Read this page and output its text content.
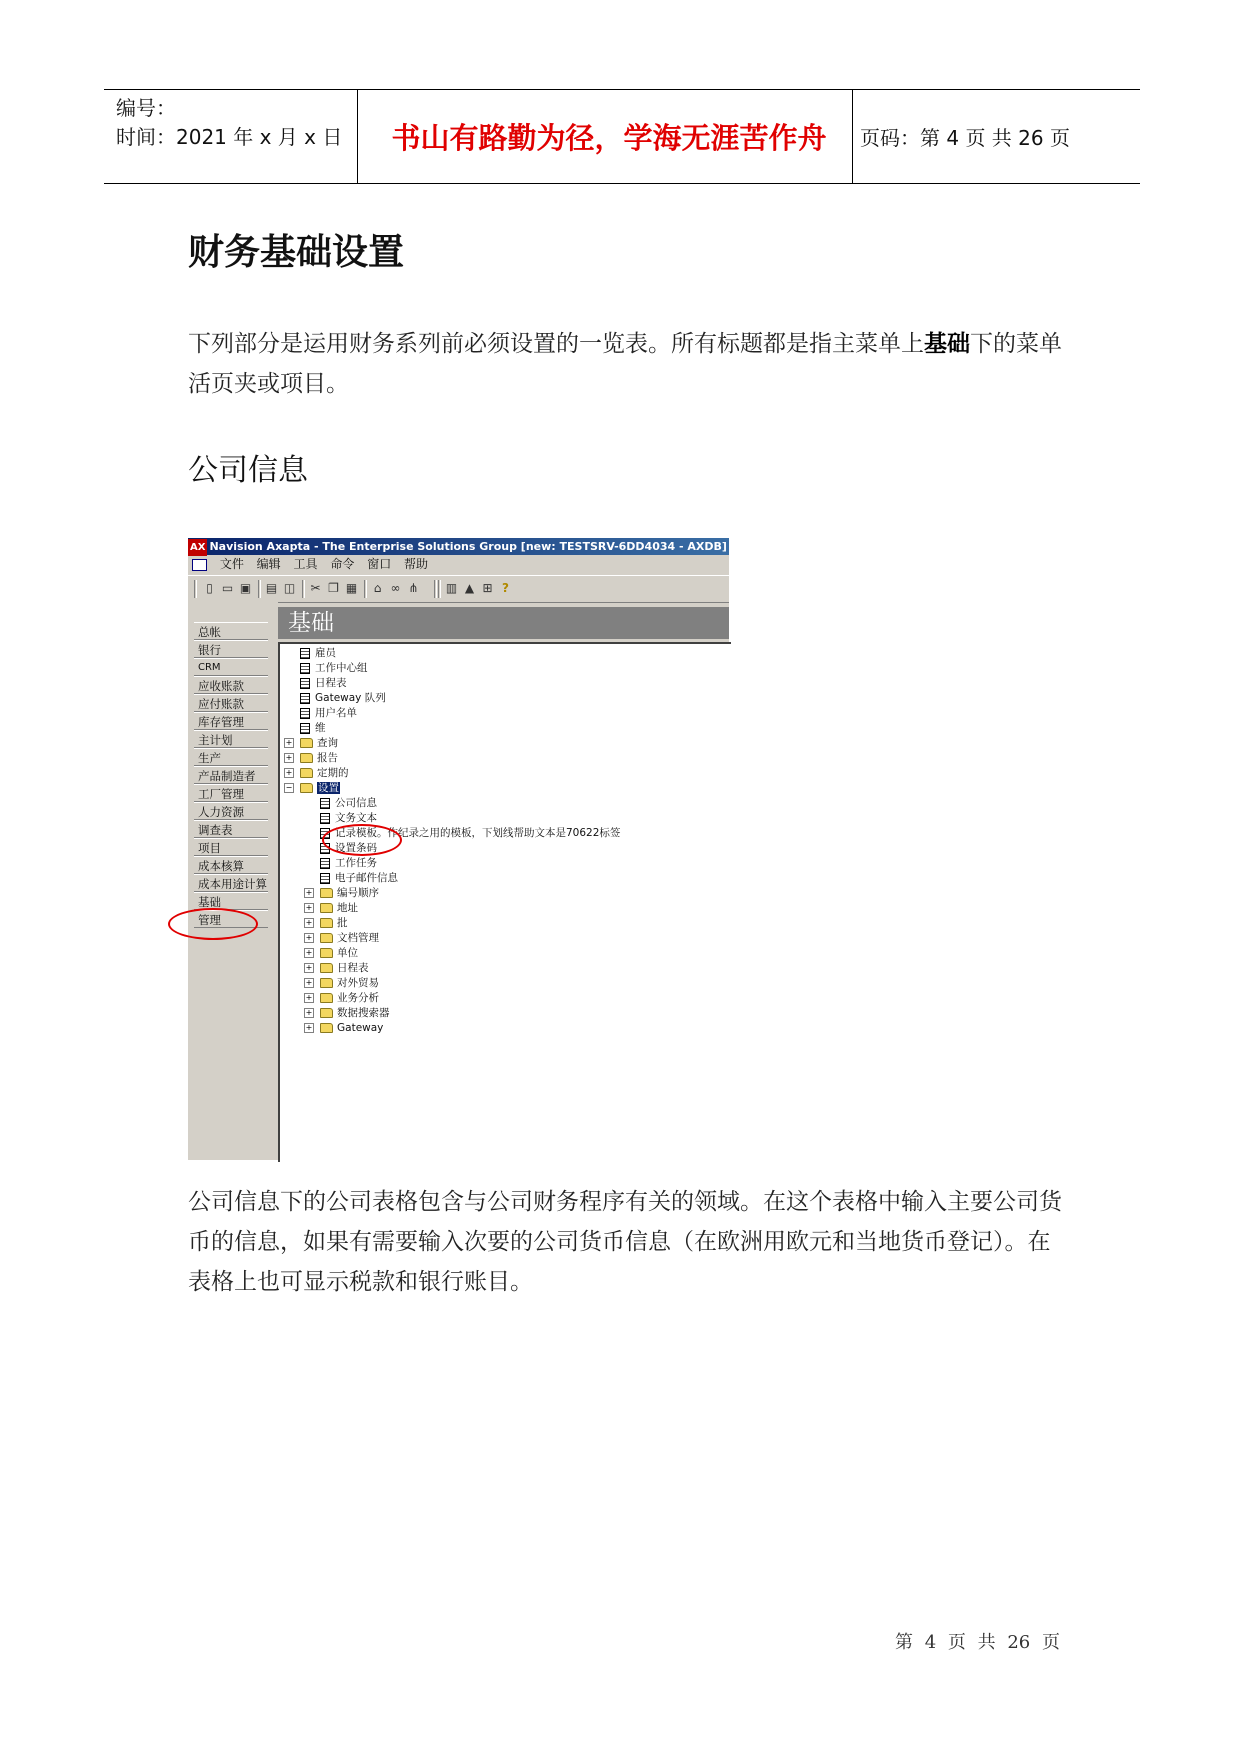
编号：
时间：2021 年 x 月 x 日	书山有路勤为径，学海无涯苦作舟	页码：第 4 页 共 26 页
财务基础设置
下列部分是运用财务系列前必须设置的一览表。所有标题都是指主菜单上基础下的菜单活页夹或项目。
公司信息
AX Navision Axapta - The Enterprise Solutions Group [new: TESTSRV-6DD4034 - AXDB] - [主菜单 - d
文件 编辑 工具 命令 窗口 帮助
▯ ▭ ▣ ▤ ◫ ✂ ❐ ▦	⌂ ∞ ⋔ ▥ ▲ ⊞ ?
总帐
银行
CRM
应收账款
应付账款
库存管理
主计划
生产
产品制造者
工厂管理
人力资源
调查表
项目
成本核算
成本用途计算
基础
管理
基础
雇员
工作中心组
日程表
Gateway 队列
用户名单
维
+ 查询
+ 报告
+ 定期的
− 设置
公司信息
文务文本
记录模板。作纪录之用的模板，下划线帮助文本是70622标签
设置条码
工作任务
电子邮件信息
+ 编号顺序
+ 地址
+ 批
+ 文档管理
+ 单位
+ 日程表
+ 对外贸易
+ 业务分析
+ 数据搜索器
+ Gateway
公司信息下的公司表格包含与公司财务程序有关的领域。在这个表格中输入主要公司货币的信息，如果有需要输入次要的公司货币信息（在欧洲用欧元和当地货币登记）。在表格上也可显示税款和银行账目。
第 4 页 共 26 页
